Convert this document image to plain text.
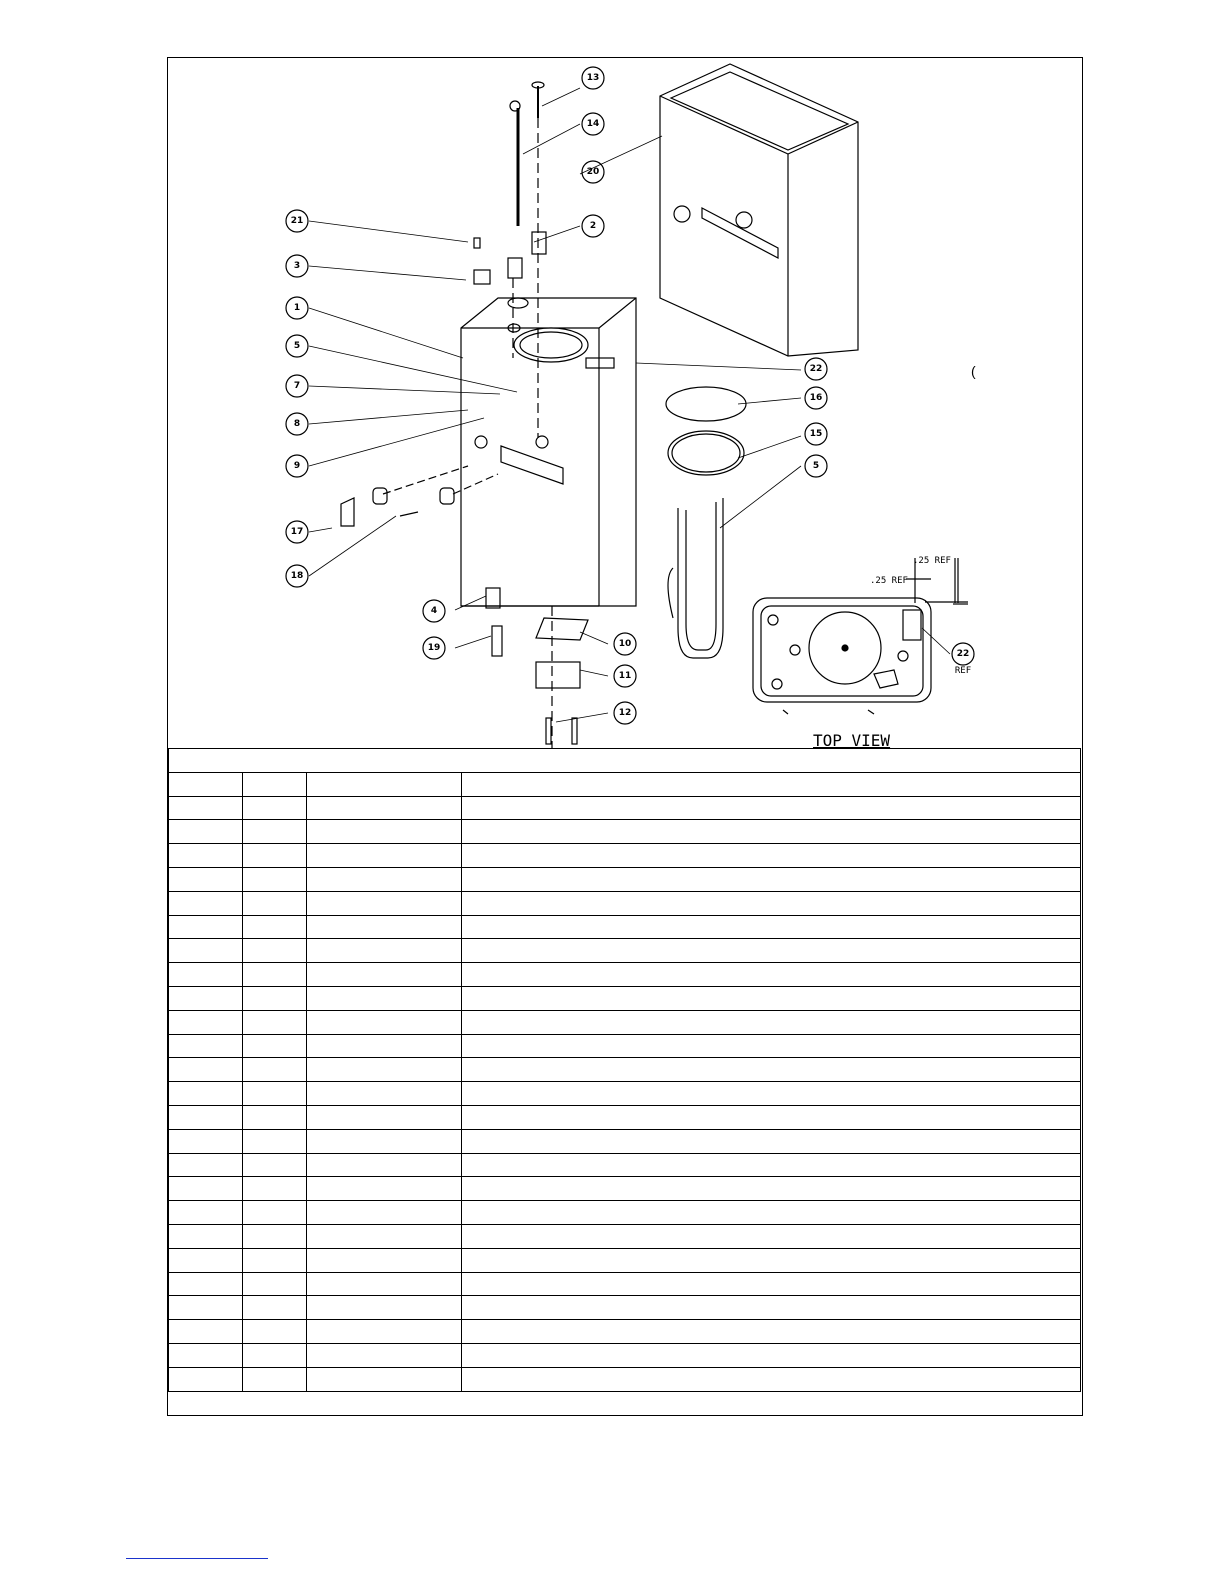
21
3
1
5
7
8
9
17
18
4
19	10
11
12
13
14
2
20
16
15
5
22
22
REF
.25 REF
.25 REF
TOP VIEW
(
